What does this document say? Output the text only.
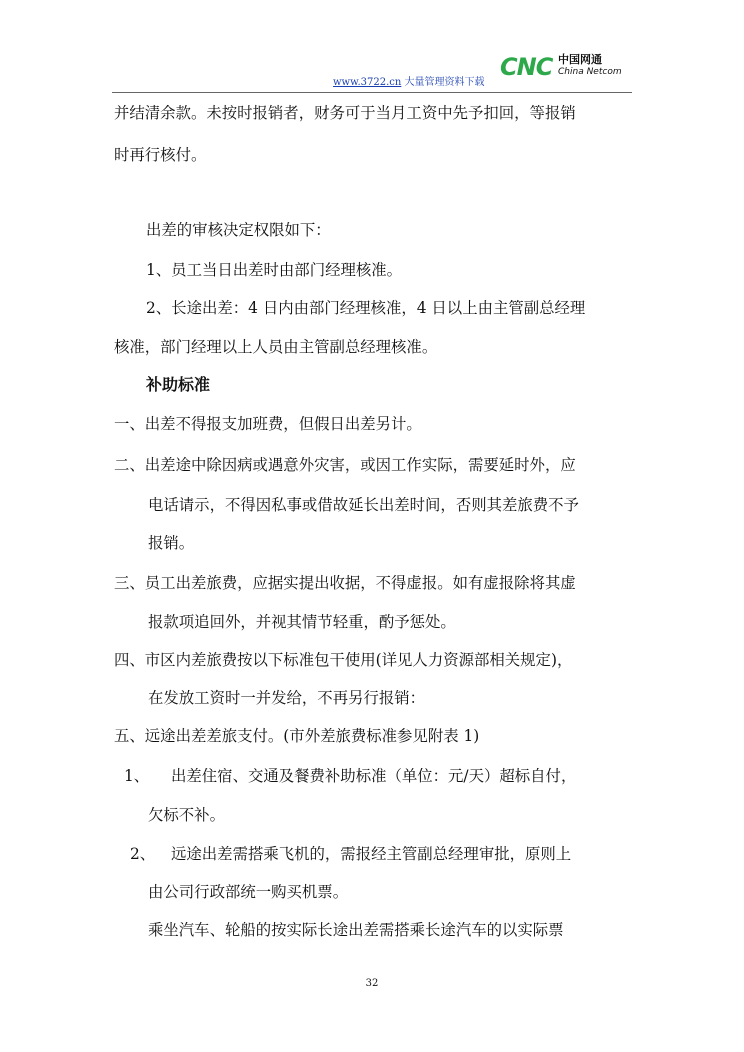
www.3722.cn 大量管理资料下载
CNC 中国网通
China Netcom
并结清余款。未按时报销者，财务可于当月工资中先予扣回，等报销
时再行核付。
出差的审核决定权限如下：
1、员工当日出差时由部门经理核准。
2、长途出差：4 日内由部门经理核准，4 日以上由主管副总经理
核准，部门经理以上人员由主管副总经理核准。
补助标准
一、出差不得报支加班费，但假日出差另计。
二、出差途中除因病或遇意外灾害，或因工作实际，需要延时外，应
电话请示，不得因私事或借故延长出差时间，否则其差旅费不予
报销。
三、员工出差旅费，应据实提出收据，不得虚报。如有虚报除将其虚
报款项追回外，并视其情节轻重，酌予惩处。
四、市区内差旅费按以下标准包干使用(详见人力资源部相关规定)，
在发放工资时一并发给，不再另行报销：
五、远途出差差旅支付。(市外差旅费标准参见附表 1)
1、 出差住宿、交通及餐费补助标准（单位：元/天）超标自付，
欠标不补。
2、 远途出差需搭乘飞机的，需报经主管副总经理审批，原则上
由公司行政部统一购买机票。
乘坐汽车、轮船的按实际长途出差需搭乘长途汽车的以实际票
32
